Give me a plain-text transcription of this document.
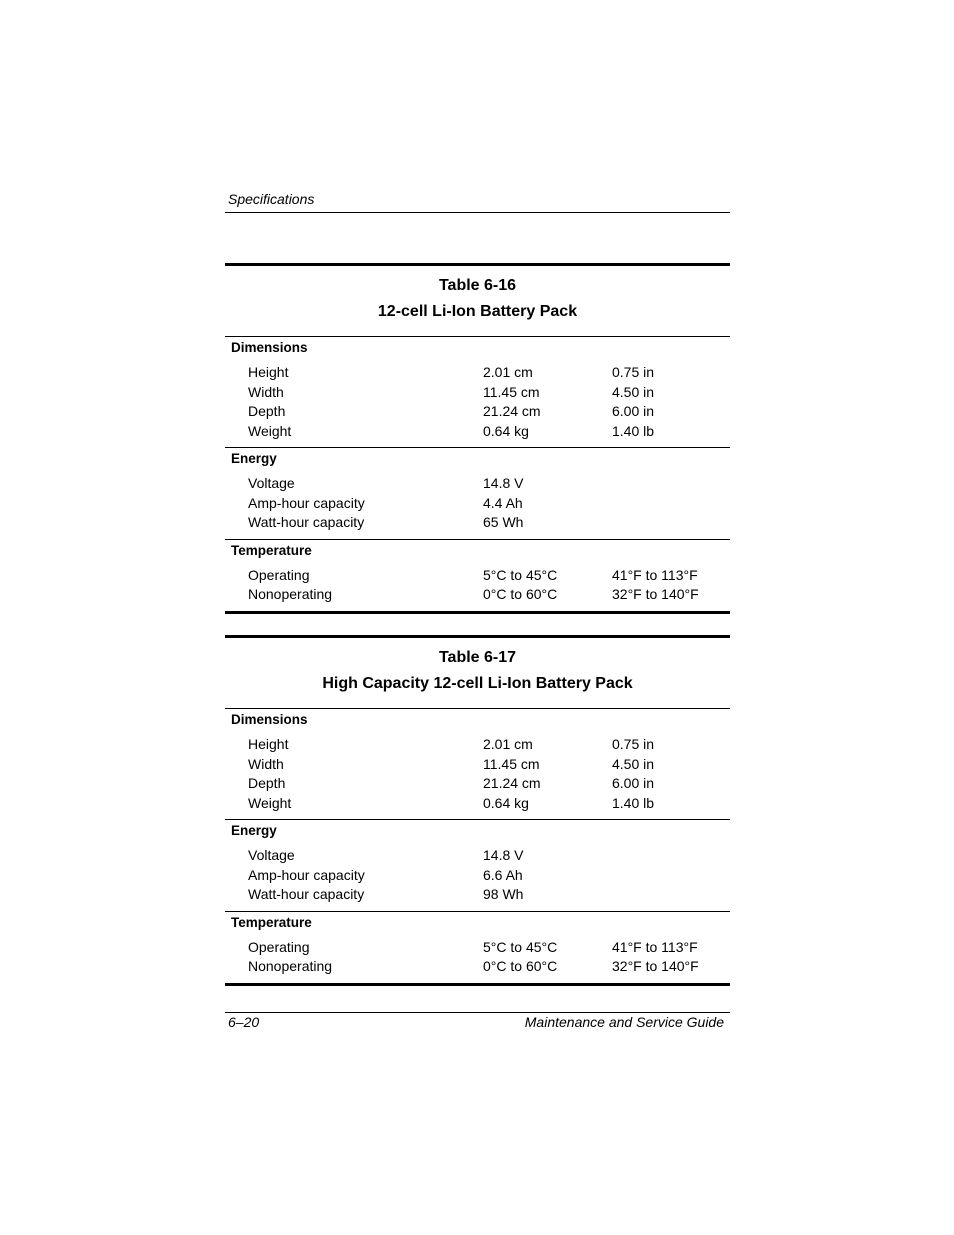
Specifications
Table 6-16
12-cell Li-Ion Battery Pack
Dimensions
Height	2.01 cm	0.75 in
Width	11.45 cm	4.50 in
Depth	21.24 cm	6.00 in
Weight	0.64 kg	1.40 lb
Energy
Voltage	14.8 V
Amp-hour capacity	4.4 Ah
Watt-hour capacity	65 Wh
Temperature
Operating	5°C to 45°C	41°F to 113°F
Nonoperating	0°C to 60°C	32°F to 140°F
Table 6-17
High Capacity 12-cell Li-Ion Battery Pack
Dimensions
Height	2.01 cm	0.75 in
Width	11.45 cm	4.50 in
Depth	21.24 cm	6.00 in
Weight	0.64 kg	1.40 lb
Energy
Voltage	14.8 V
Amp-hour capacity	6.6 Ah
Watt-hour capacity	98 Wh
Temperature
Operating	5°C to 45°C	41°F to 113°F
Nonoperating	0°C to 60°C	32°F to 140°F
6–20	Maintenance and Service Guide
